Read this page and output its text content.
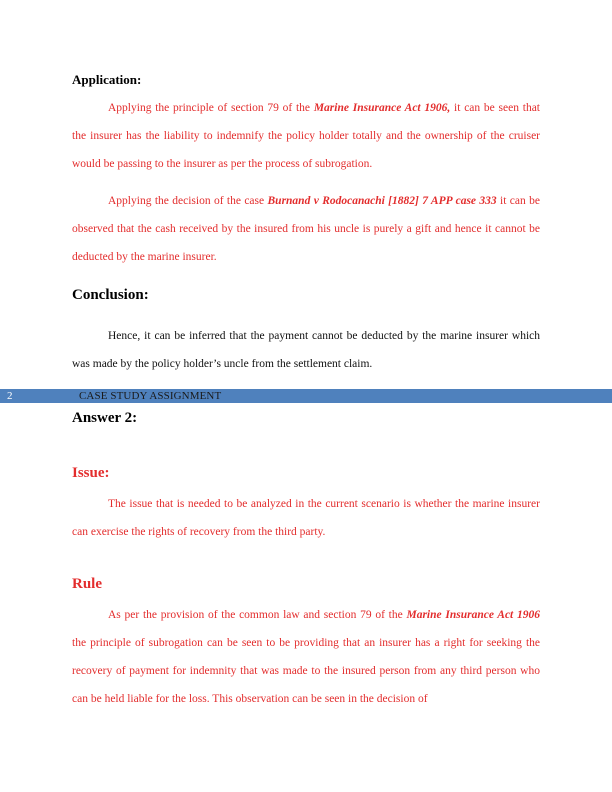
Application:

Applying the principle of section 79 of the Marine Insurance Act 1906, it can be seen that the insurer has the liability to indemnify the policy holder totally and the ownership of the cruiser would be passing to the insurer as per the process of subrogation.

Applying the decision of the case Burnand v Rodocanachi [1882] 7 APP case 333 it can be observed that the cash received by the insured from his uncle is purely a gift and hence it cannot be deducted by the marine insurer.

Conclusion:

Hence, it can be inferred that the payment cannot be deducted by the marine insurer which was made by the policy holder’s uncle from the settlement claim.

2	CASE STUDY ASSIGNMENT
Answer 2:
Issue:

The issue that is needed to be analyzed in the current scenario is whether the marine insurer can exercise the rights of recovery from the third party.

Rule

As per the provision of the common law and section 79 of the Marine Insurance Act 1906 the principle of subrogation can be seen to be providing that an insurer has a right for seeking the recovery of payment for indemnity that was made to the insured person from any third person who can be held liable for the loss. This observation can be seen in the decision of
